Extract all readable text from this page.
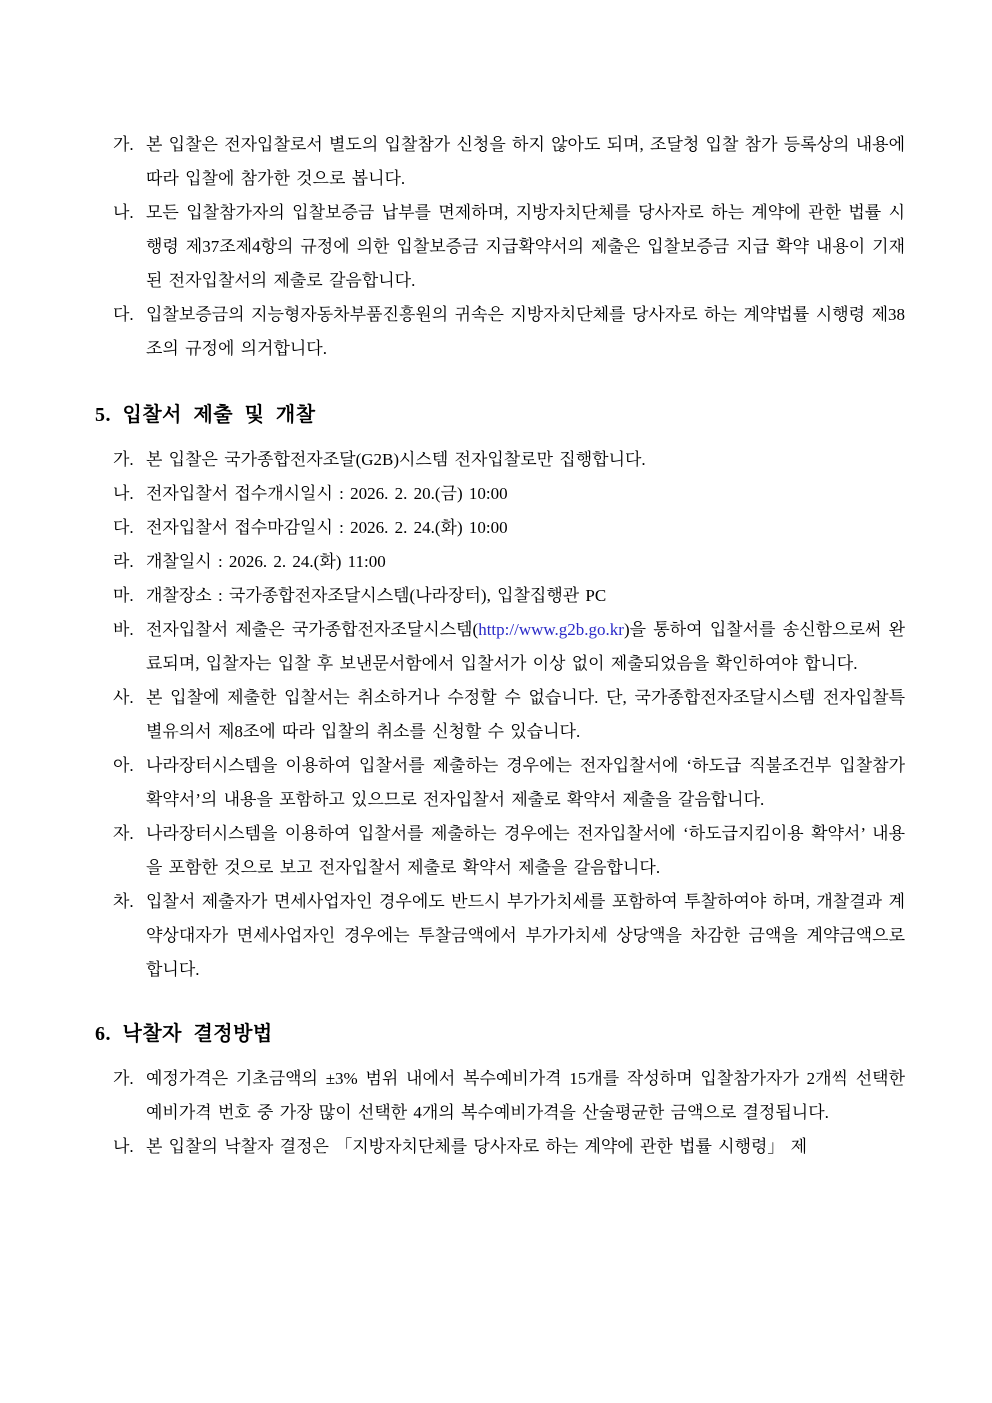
가. 본 입찰은 전자입찰로서 별도의 입찰참가 신청을 하지 않아도 되며, 조달청 입찰 참가 등록상의 내용에 따라 입찰에 참가한 것으로 봅니다.
나. 모든 입찰참가자의 입찰보증금 납부를 면제하며, 지방자치단체를 당사자로 하는 계약에 관한 법률 시행령 제37조제4항의 규정에 의한 입찰보증금 지급확약서의 제출은 입찰보증금 지급 확약 내용이 기재된 전자입찰서의 제출로 갈음합니다.
다. 입찰보증금의 지능형자동차부품진흥원의 귀속은 지방자치단체를 당사자로 하는 계약법률 시행령 제38조의 규정에 의거합니다.
5. 입찰서 제출 및 개찰
가. 본 입찰은 국가종합전자조달(G2B)시스템 전자입찰로만 집행합니다.
나. 전자입찰서 접수개시일시 : 2026. 2. 20.(금) 10:00
다. 전자입찰서 접수마감일시 : 2026. 2. 24.(화) 10:00
라. 개찰일시 : 2026. 2. 24.(화) 11:00
마. 개찰장소 : 국가종합전자조달시스템(나라장터), 입찰집행관 PC
바. 전자입찰서 제출은 국가종합전자조달시스템(http://www.g2b.go.kr)을 통하여 입찰서를 송신함으로써 완료되며, 입찰자는 입찰 후 보낸문서함에서 입찰서가 이상 없이 제출되었음을 확인하여야 합니다.
사. 본 입찰에 제출한 입찰서는 취소하거나 수정할 수 없습니다. 단, 국가종합전자조달시스템 전자입찰특별유의서 제8조에 따라 입찰의 취소를 신청할 수 있습니다.
아. 나라장터시스템을 이용하여 입찰서를 제출하는 경우에는 전자입찰서에 ‘하도급 직불조건부 입찰참가 확약서’의 내용을 포함하고 있으므로 전자입찰서 제출로 확약서 제출을 갈음합니다.
자. 나라장터시스템을 이용하여 입찰서를 제출하는 경우에는 전자입찰서에 ‘하도급지킴이용 확약서’ 내용을 포함한 것으로 보고 전자입찰서 제출로 확약서 제출을 갈음합니다.
차. 입찰서 제출자가 면세사업자인 경우에도 반드시 부가가치세를 포함하여 투찰하여야 하며, 개찰결과 계약상대자가 면세사업자인 경우에는 투찰금액에서 부가가치세 상당액을 차감한 금액을 계약금액으로 합니다.
6. 낙찰자 결정방법
가. 예정가격은 기초금액의 ±3% 범위 내에서 복수예비가격 15개를 작성하며 입찰참가자가 2개씩 선택한 예비가격 번호 중 가장 많이 선택한 4개의 복수예비가격을 산술평균한 금액으로 결정됩니다.
나. 본 입찰의 낙찰자 결정은 「지방자치단체를 당사자로 하는 계약에 관한 법률 시행령」 제
